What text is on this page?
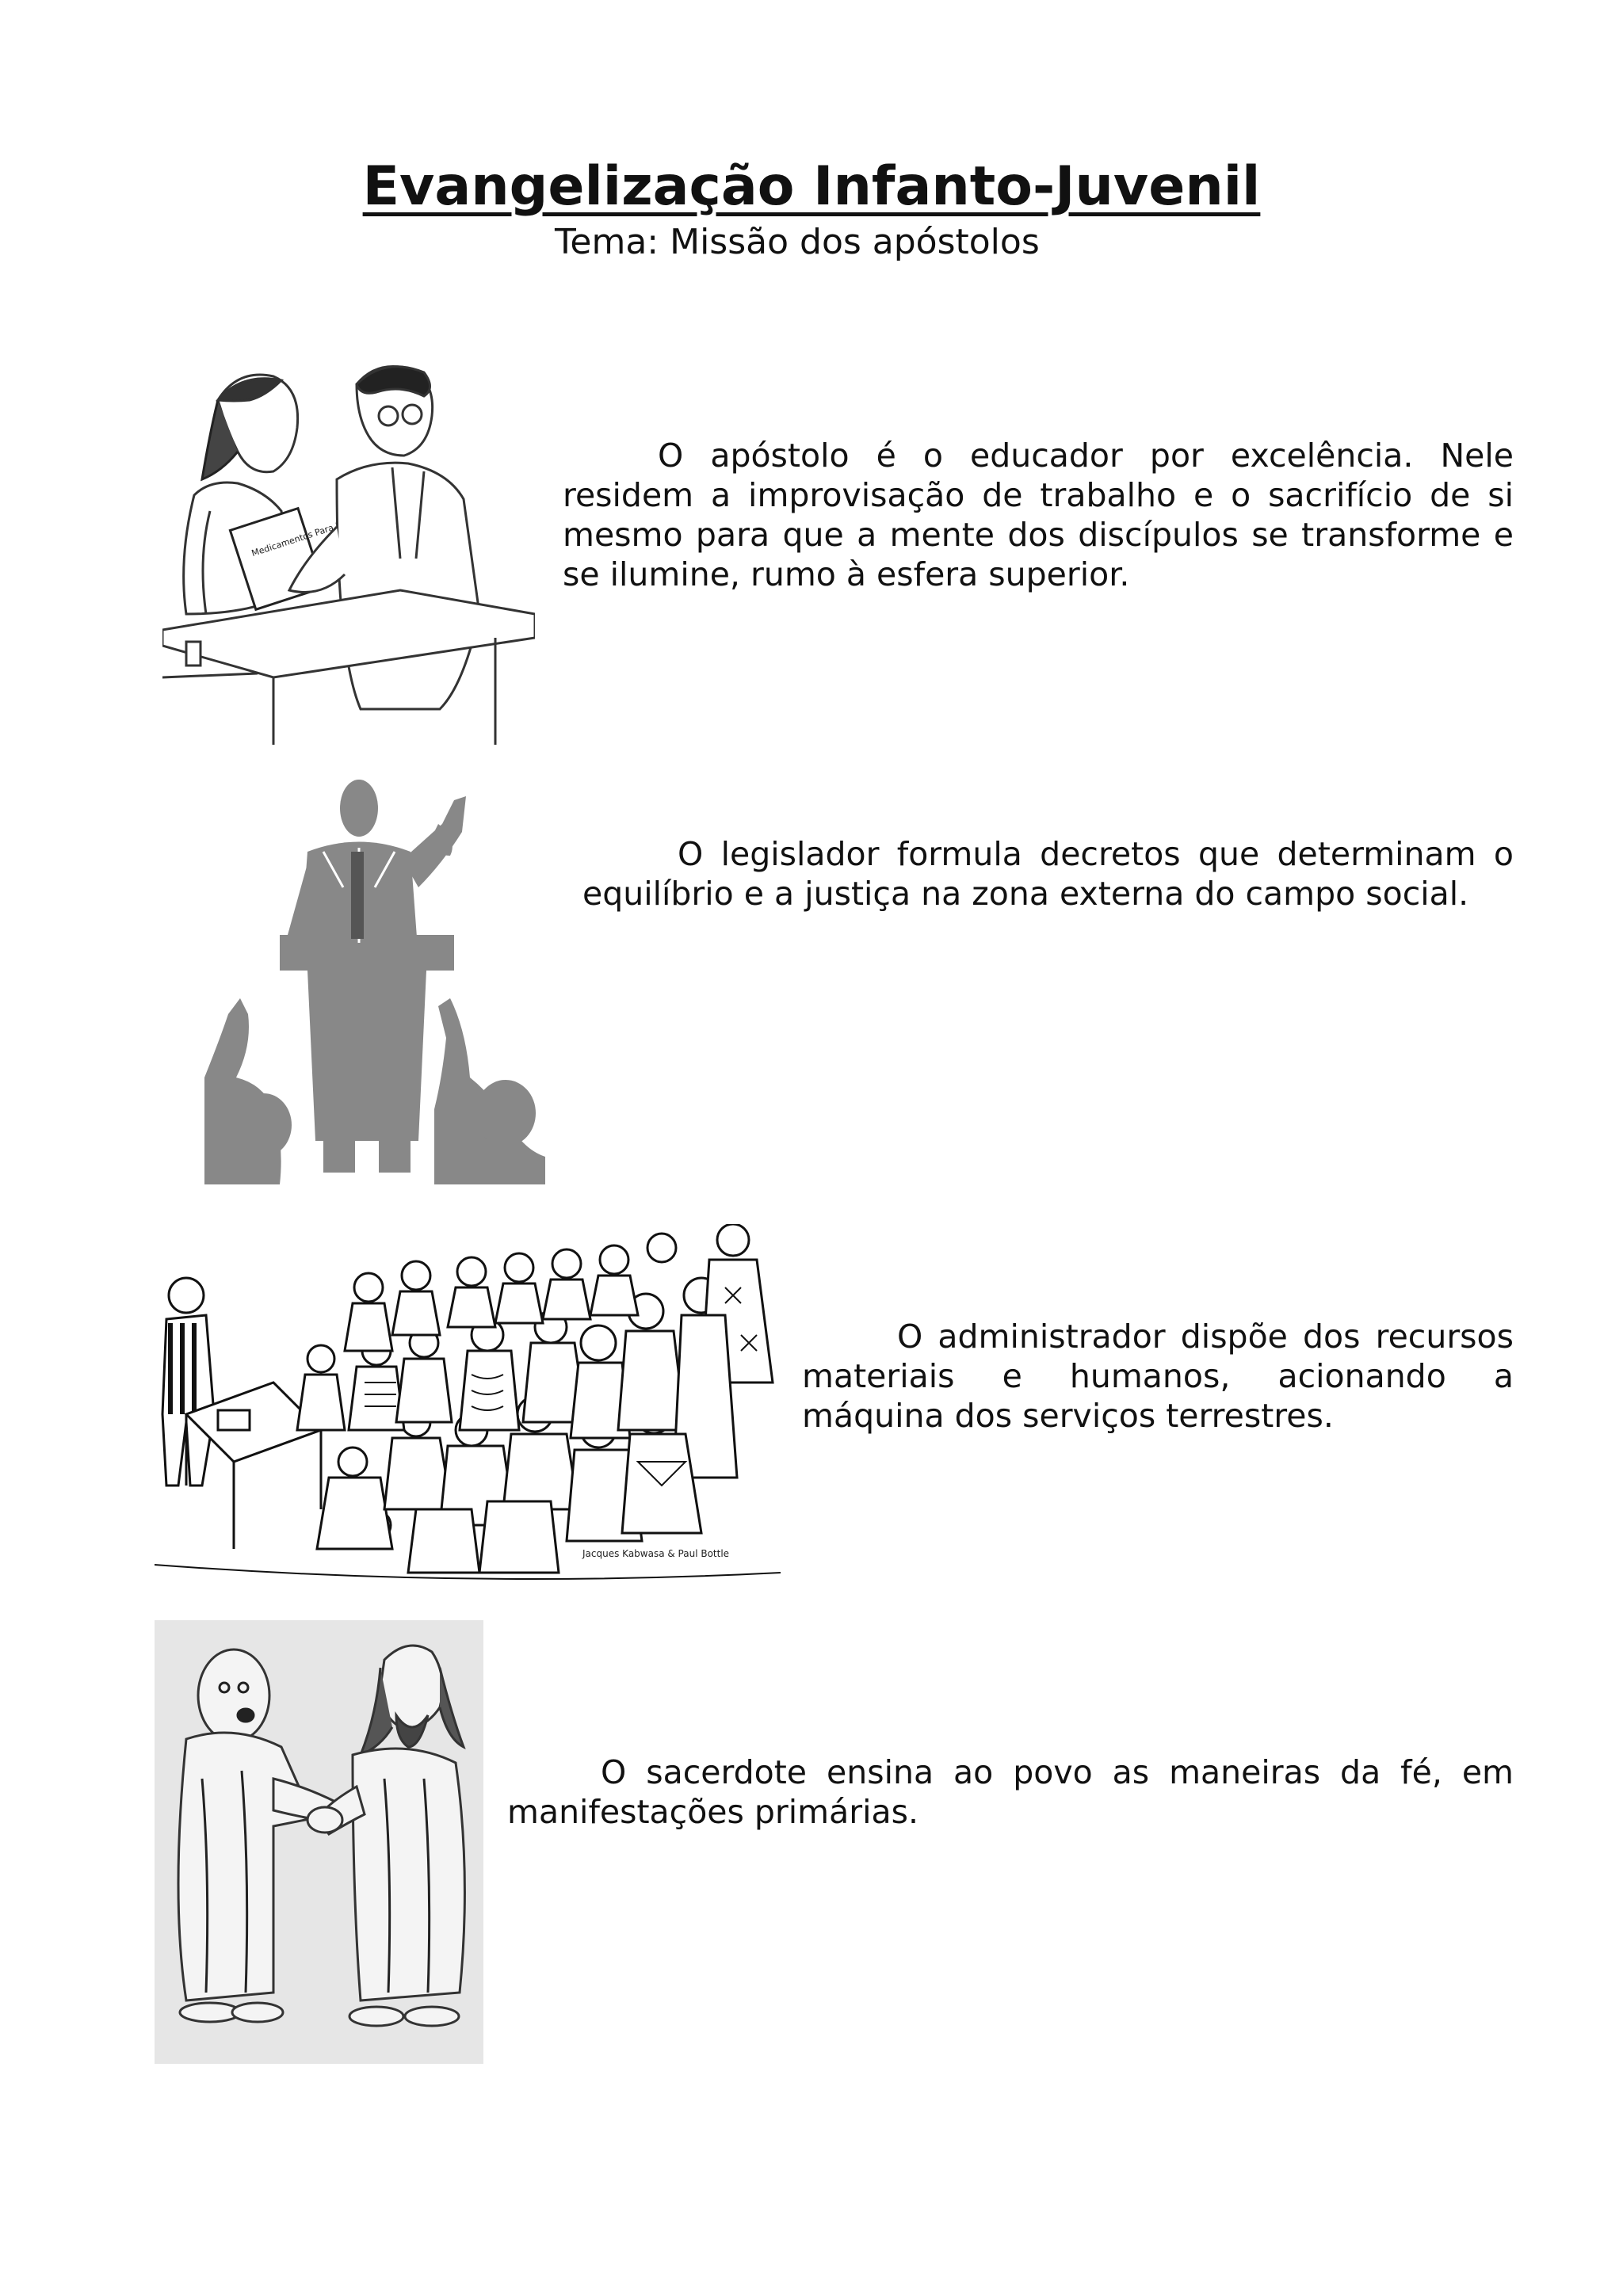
Evangelização Infanto-Juvenil

Tema: Missão dos apóstolos

Medicamentos Para

O apóstolo é o educador por excelência. Nele residem a improvisação de trabalho e o sacrifício de si mesmo para que a mente dos discípulos se transforme e se ilumine, rumo à esfera superior.

O legislador formula decretos que determinam o equilíbrio e a justiça na zona externa do campo social.

Jacques Kabwasa & Paul Bottle

O administrador dispõe dos recursos materiais e humanos, acionando a máquina dos serviços terrestres.

O sacerdote ensina ao povo as maneiras da fé, em manifestações primárias.
